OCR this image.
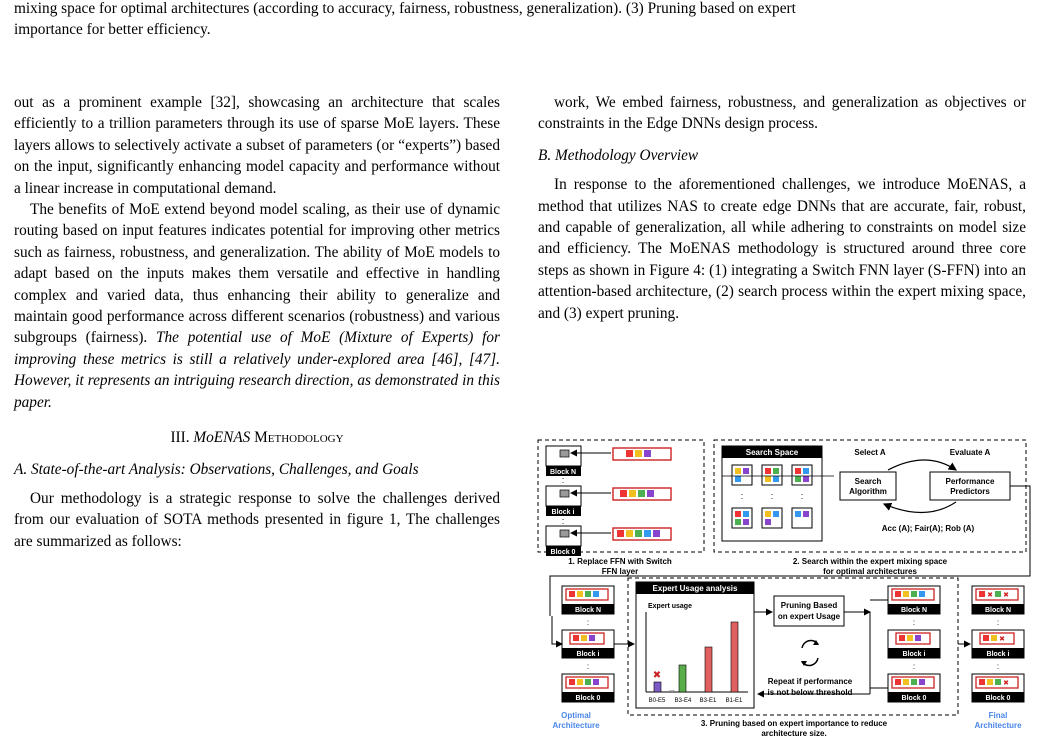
mixing space for optimal architectures (according to accuracy, fairness, robustness, generalization). (3) Pruning based on expert

importance for better efficiency.

out as a prominent example [32], showcasing an architecture that scales efficiently to a trillion parameters through its use of sparse MoE layers. These layers allows to selectively activate a subset of parameters (or “experts”) based on the input, significantly enhancing model capacity and performance without a linear increase in computational demand.

The benefits of MoE extend beyond model scaling, as their use of dynamic routing based on input features indicates potential for improving other metrics such as fairness, robustness, and generalization. The ability of MoE models to adapt based on the inputs makes them versatile and effective in handling complex and varied data, thus enhancing their ability to generalize and maintain good performance across different scenarios (robustness) and various subgroups (fairness). The potential use of MoE (Mixture of Experts) for improving these metrics is still a relatively under-explored area [46], [47]. However, it represents an intriguing research direction, as demonstrated in this paper.

III. MoENAS Methodology

A. State-of-the-art Analysis: Observations, Challenges, and Goals

Our methodology is a strategic response to solve the challenges derived from our evaluation of SOTA methods presented in figure 1, The challenges are summarized as follows:

work, We embed fairness, robustness, and generalization as objectives or constraints in the Edge DNNs design process.

B. Methodology Overview

In response to the aforementioned challenges, we introduce MoENAS, a method that utilizes NAS to create edge DNNs that are accurate, fair, robust, and capable of generalization, all while adhering to constraints on model size and efficiency. The MoENAS methodology is structured around three core steps as shown in Figure 4: (1) integrating a Switch FNN layer (S-FFN) into an attention-based architecture, (2) search process within the expert mixing space, and (3) expert pruning.

Block N
Block i
:
:
Block 0
1. Replace FFN with Switch
FFN layer
Search Space
:	:	:
Search
Algorithm
Performance
Predictors
Select A	Evaluate A
Acc (A); Fair(A); Rob (A)
2. Search within the expert mixing space
for optimal architectures
Block N
:
Block i
:
Block 0
Optimal
Architecture
Expert Usage analysis
Expert usage
✖
...
B0-E5 B3-E4 B3-E1 B1-E1
Pruning Based
on expert Usage
Repeat if performance
is not below threshold
Block N
:
Block i
:
Block 0
3. Pruning based on expert importance to reduce
architecture size.
✖ ✖
Block N
:
✖
Block i
:
✖
Block 0
Final
Architecture
